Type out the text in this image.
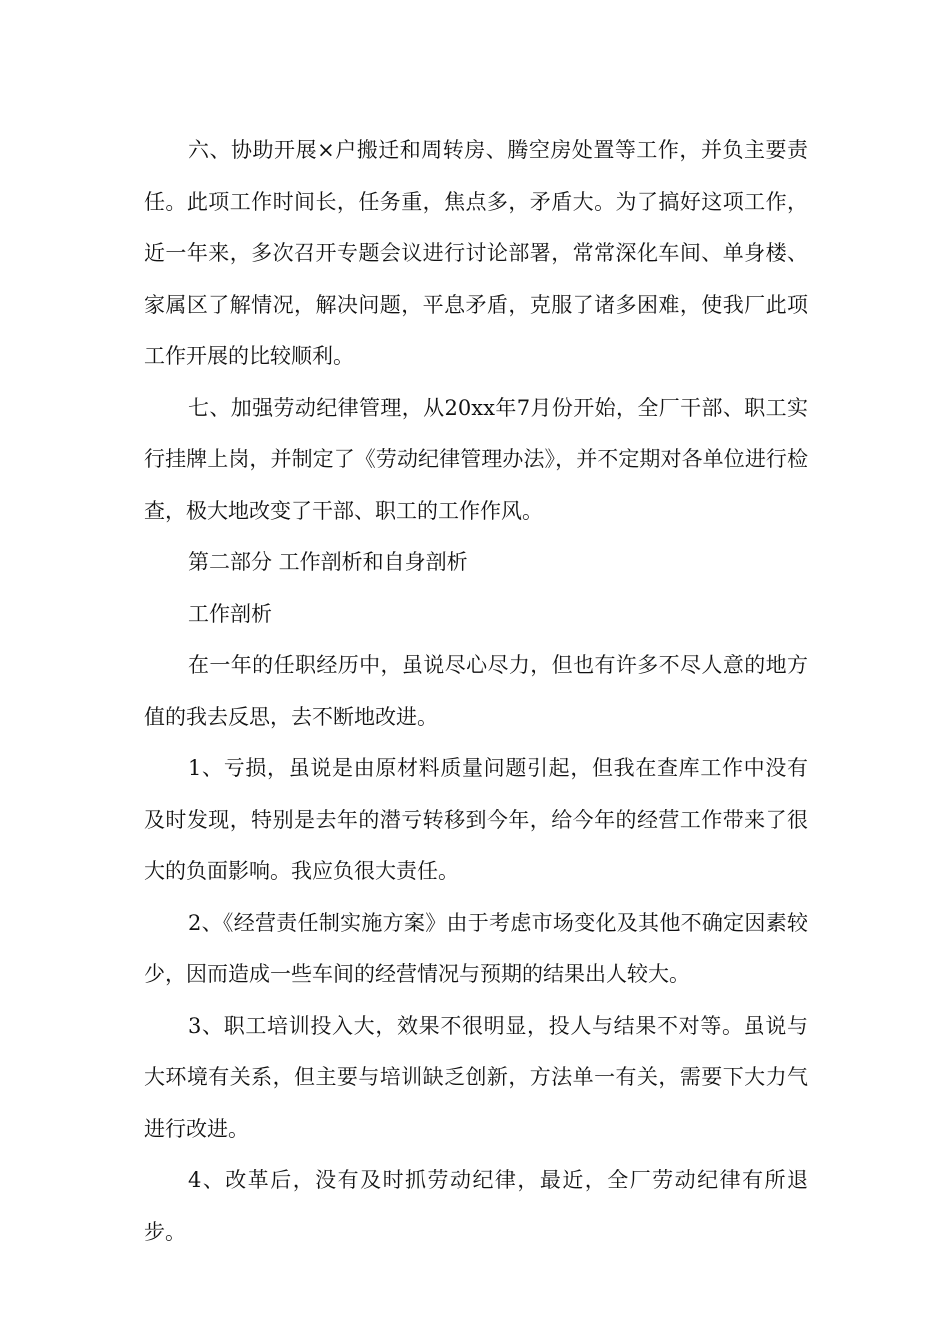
六、协助开展×户搬迁和周转房、腾空房处置等工作，并负主要责任。此项工作时间长，任务重，焦点多，矛盾大。为了搞好这项工作，近一年来，多次召开专题会议进行讨论部署，常常深化车间、单身楼、家属区了解情况，解决问题，平息矛盾，克服了诸多困难，使我厂此项工作开展的比较顺利。

七、加强劳动纪律管理，从20xx年7月份开始，全厂干部、职工实行挂牌上岗，并制定了《劳动纪律管理办法》，并不定期对各单位进行检查，极大地改变了干部、职工的工作作风。

第二部分 工作剖析和自身剖析

工作剖析

在一年的任职经历中，虽说尽心尽力，但也有许多不尽人意的地方值的我去反思，去不断地改进。

1、亏损，虽说是由原材料质量问题引起，但我在查库工作中没有及时发现，特别是去年的潜亏转移到今年，给今年的经营工作带来了很大的负面影响。我应负很大责任。

2、《经营责任制实施方案》由于考虑市场变化及其他不确定因素较少，因而造成一些车间的经营情况与预期的结果出人较大。

3、职工培训投入大，效果不很明显，投人与结果不对等。虽说与大环境有关系，但主要与培训缺乏创新，方法单一有关，需要下大力气进行改进。

4、改革后，没有及时抓劳动纪律，最近，全厂劳动纪律有所退步。
